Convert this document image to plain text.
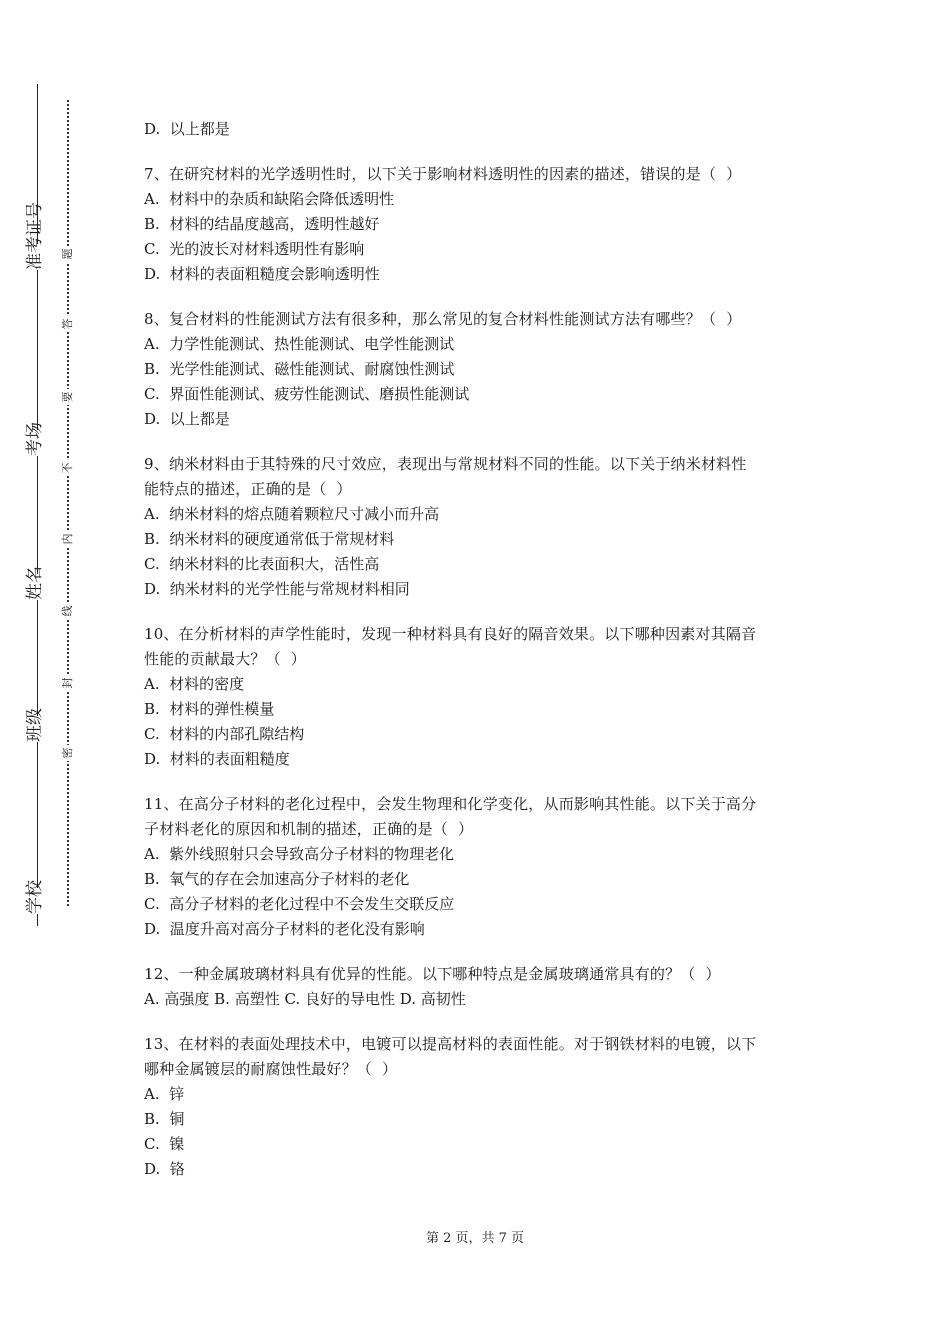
准考证号
考场
姓名
班级
学校
题
答
要
不
内
线
封
密
D.  以上都是
7、在研究材料的光学透明性时，以下关于影响材料透明性的因素的描述，错误的是（  ）
A.  材料中的杂质和缺陷会降低透明性
B.  材料的结晶度越高，透明性越好
C.  光的波长对材料透明性有影响
D.  材料的表面粗糙度会影响透明性
8、复合材料的性能测试方法有很多种，那么常见的复合材料性能测试方法有哪些？（  ）
A.  力学性能测试、热性能测试、电学性能测试
B.  光学性能测试、磁性能测试、耐腐蚀性测试
C.  界面性能测试、疲劳性能测试、磨损性能测试
D.  以上都是
9、纳米材料由于其特殊的尺寸效应，表现出与常规材料不同的性能。以下关于纳米材料性
能特点的描述，正确的是（  ）
A.  纳米材料的熔点随着颗粒尺寸减小而升高
B.  纳米材料的硬度通常低于常规材料
C.  纳米材料的比表面积大，活性高
D.  纳米材料的光学性能与常规材料相同
10、在分析材料的声学性能时，发现一种材料具有良好的隔音效果。以下哪种因素对其隔音
性能的贡献最大？（  ）
A.  材料的密度
B.  材料的弹性模量
C.  材料的内部孔隙结构
D.  材料的表面粗糙度
11、在高分子材料的老化过程中，会发生物理和化学变化，从而影响其性能。以下关于高分
子材料老化的原因和机制的描述，正确的是（  ）
A.  紫外线照射只会导致高分子材料的物理老化
B.  氧气的存在会加速高分子材料的老化
C.  高分子材料的老化过程中不会发生交联反应
D.  温度升高对高分子材料的老化没有影响
12、一种金属玻璃材料具有优异的性能。以下哪种特点是金属玻璃通常具有的？（  ）
A. 高强度 B. 高塑性 C. 良好的导电性 D. 高韧性
13、在材料的表面处理技术中，电镀可以提高材料的表面性能。对于钢铁材料的电镀，以下
哪种金属镀层的耐腐蚀性最好？（  ）
A.  锌
B.  铜
C.  镍
D.  铬
第 2 页，共 7 页
